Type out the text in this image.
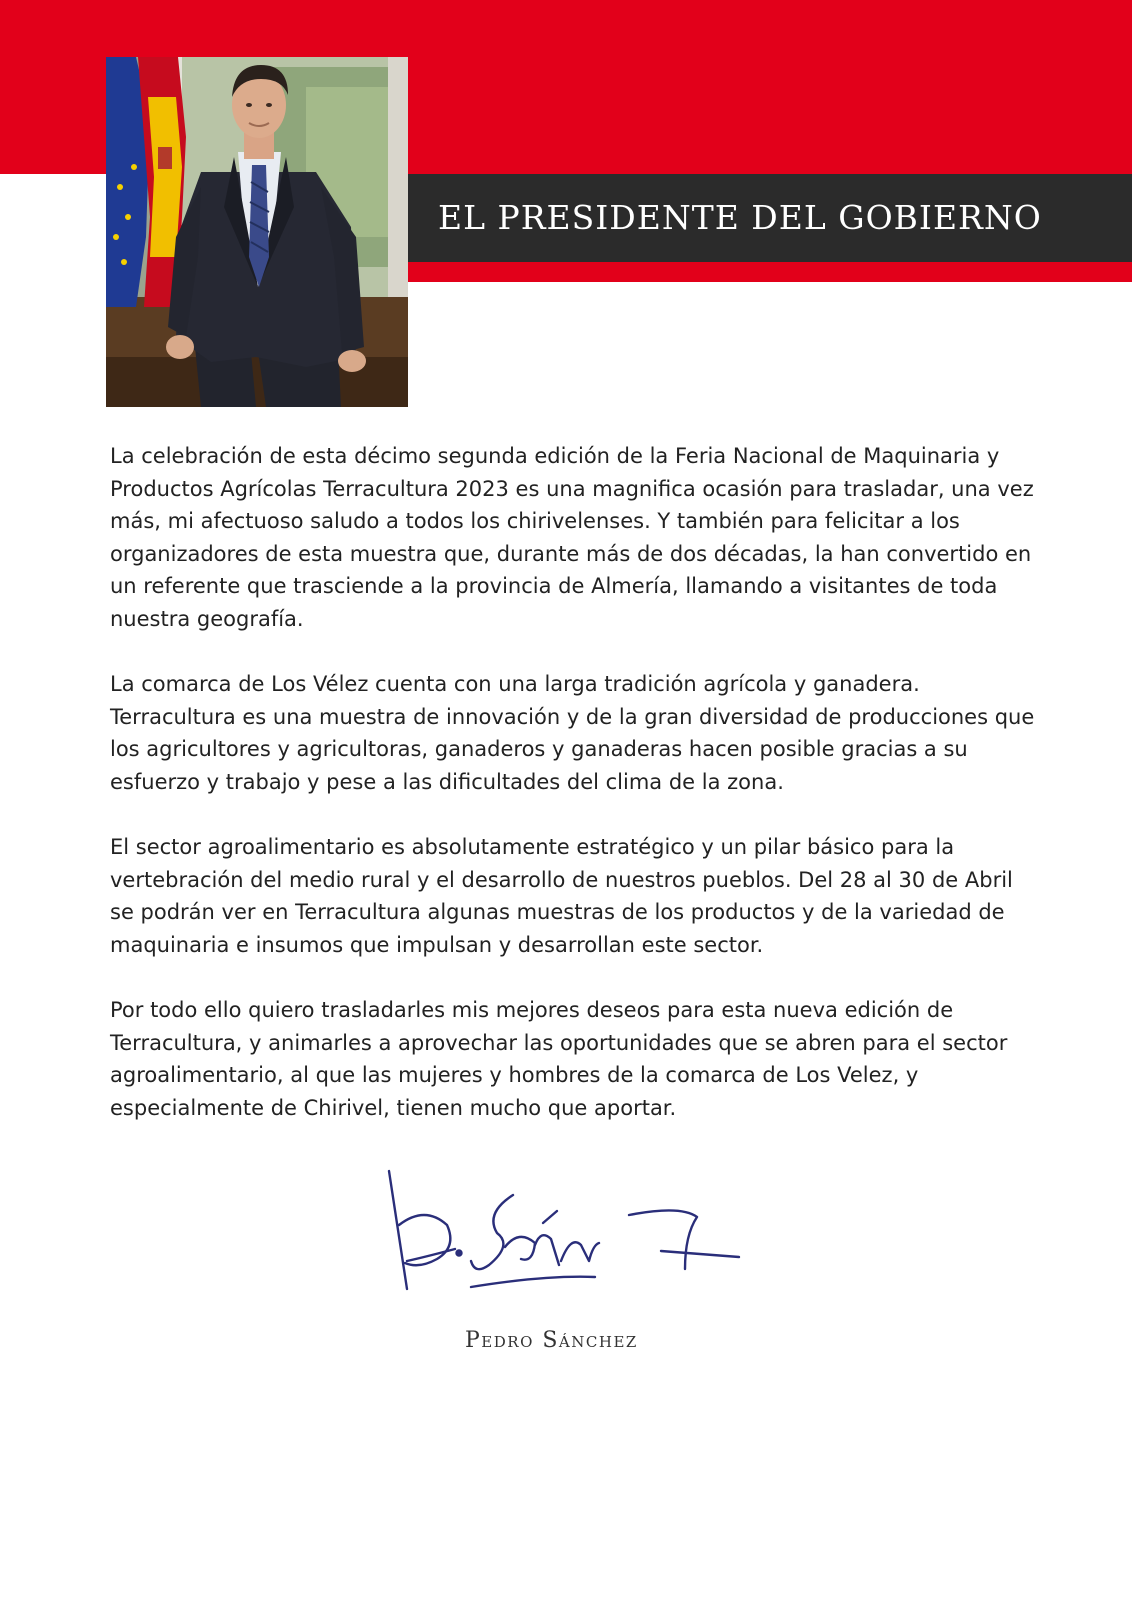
EL PRESIDENTE DEL GOBIERNO

La celebración de esta décimo segunda edición de la Feria Nacional de Maquinaria y Productos Agrícolas Terracultura 2023 es una magnifica ocasión para trasladar, una vez más, mi afectuoso saludo a todos los chirivelenses. Y también para felicitar a los organizadores de esta muestra que, durante más de dos décadas, la han convertido en un referente que trasciende a la provincia de Almería, llamando a visitantes de toda nuestra geografía.

La comarca de Los Vélez cuenta con una larga tradición agrícola y ganadera. Terracultura es una muestra de innovación y de la gran diversidad de producciones que los agricultores y agricultoras, ganaderos y ganaderas hacen posible gracias a su esfuerzo y trabajo y pese a las dificultades del clima de la zona.

El sector agroalimentario es absolutamente estratégico y un pilar básico para la vertebración del medio rural y el desarrollo de nuestros pueblos. Del 28 al 30 de Abril se podrán ver en Terracultura algunas muestras de los productos y de la variedad de maquinaria e insumos que impulsan y desarrollan este sector.

Por todo ello quiero trasladarles mis mejores deseos para esta nueva edición de Terracultura, y animarles a aprovechar las oportunidades que se abren para el sector agroalimentario, al que las mujeres y hombres de la comarca de Los Velez, y especialmente de Chirivel, tienen mucho que aportar.

Pedro Sánchez
